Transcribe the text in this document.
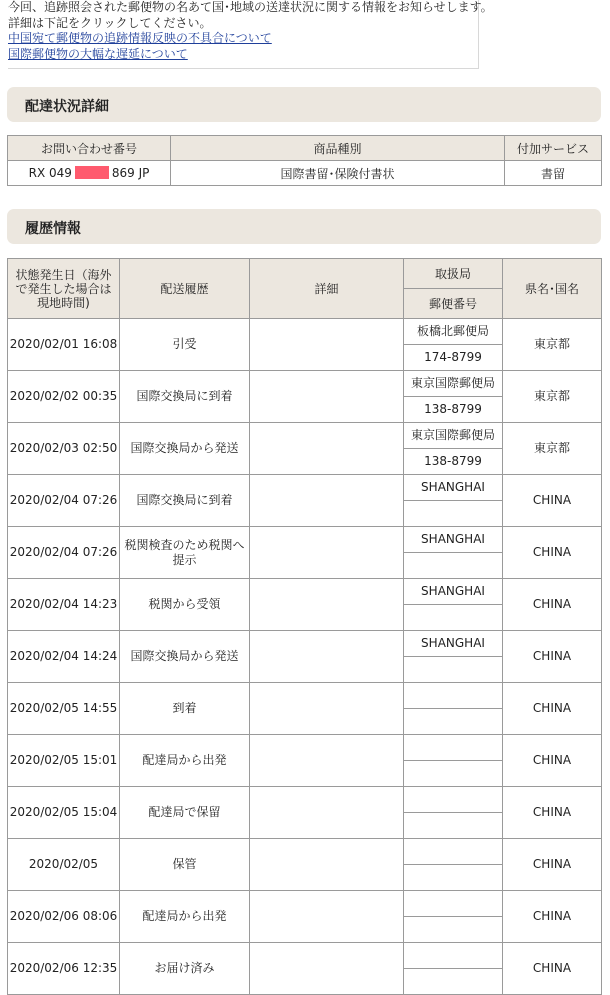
今回、追跡照会された郵便物の名あて国･地域の送達状況に関する情報をお知らせします。
詳細は下記をクリックしてください。
中国宛て郵便物の追跡情報反映の不具合について
国際郵便物の大幅な遅延について
配達状況詳細
お問い合わせ番号	商品種別	付加サービス
RX 049 869 JP	国際書留･保険付書状	書留
履歴情報
状態発生日（海外で発生した場合は現地時間)	配送履歴	詳細	取扱局	県名･国名
			郵便番号	
2020/02/01 16:08	引受		板橋北郵便局	東京都
			174-8799	
2020/02/02 00:35	国際交換局に到着		東京国際郵便局	東京都
			138-8799	
2020/02/03 02:50	国際交換局から発送		東京国際郵便局	東京都
			138-8799	
2020/02/04 07:26	国際交換局に到着		SHANGHAI	CHINA

2020/02/04 07:26	税関検査のため税関へ提示		SHANGHAI	CHINA

2020/02/04 14:23	税関から受領		SHANGHAI	CHINA

2020/02/04 14:24	国際交換局から発送		SHANGHAI	CHINA

2020/02/05 14:55	到着			CHINA

2020/02/05 15:01	配達局から出発			CHINA

2020/02/05 15:04	配達局で保留			CHINA

2020/02/05	保管			CHINA

2020/02/06 08:06	配達局から出発			CHINA

2020/02/06 12:35	お届け済み			CHINA
